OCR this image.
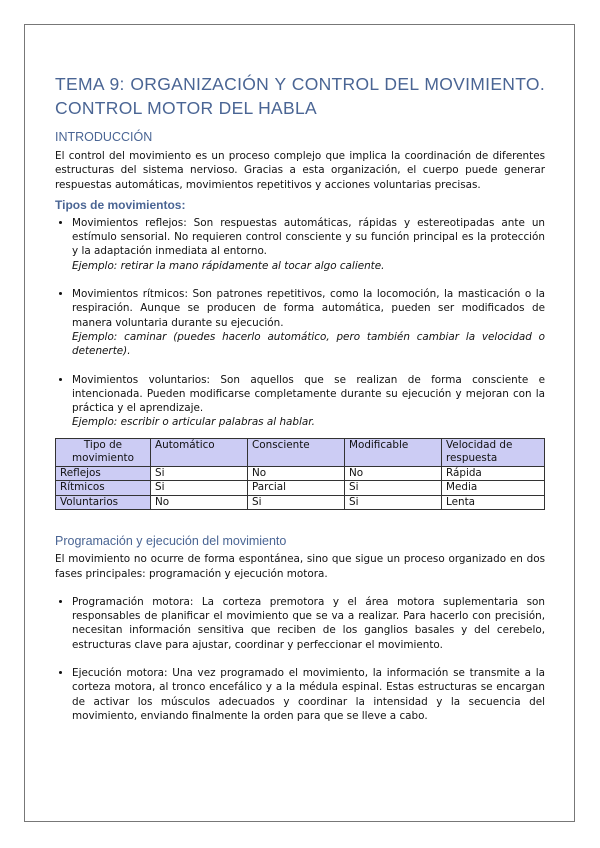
TEMA 9: ORGANIZACIÓN Y CONTROL DEL MOVIMIENTO. CONTROL MOTOR DEL HABLA
INTRODUCCIÓN

El control del movimiento es un proceso complejo que implica la coordinación de diferentes estructuras del sistema nervioso. Gracias a esta organización, el cuerpo puede generar respuestas automáticas, movimientos repetitivos y acciones voluntarias precisas.

Tipos de movimientos:
• Movimientos reflejos: Son respuestas automáticas, rápidas y estereotipadas ante un estímulo sensorial. No requieren control consciente y su función principal es la protección y la adaptación inmediata al entorno.
Ejemplo: retirar la mano rápidamente al tocar algo caliente.
• Movimientos rítmicos: Son patrones repetitivos, como la locomoción, la masticación o la respiración. Aunque se producen de forma automática, pueden ser modificados de manera voluntaria durante su ejecución.
Ejemplo: caminar (puedes hacerlo automático, pero también cambiar la velocidad o detenerte).
• Movimientos voluntarios: Son aquellos que se realizan de forma consciente e intencionada. Pueden modificarse completamente durante su ejecución y mejoran con la práctica y el aprendizaje.
Ejemplo: escribir o articular palabras al hablar.
Tipo de movimiento	Automático	Consciente	Modificable	Velocidad de respuesta
Reflejos	Si	No	No	Rápida
Rítmicos	Si	Parcial	Si	Media
Voluntarios	No	Si	Si	Lenta
Programación y ejecución del movimiento

El movimiento no ocurre de forma espontánea, sino que sigue un proceso organizado en dos fases principales: programación y ejecución motora.

• Programación motora: La corteza premotora y el área motora suplementaria son responsables de planificar el movimiento que se va a realizar. Para hacerlo con precisión, necesitan información sensitiva que reciben de los ganglios basales y del cerebelo, estructuras clave para ajustar, coordinar y perfeccionar el movimiento.
• Ejecución motora: Una vez programado el movimiento, la información se transmite a la corteza motora, al tronco encefálico y a la médula espinal. Estas estructuras se encargan de activar los músculos adecuados y coordinar la intensidad y la secuencia del movimiento, enviando finalmente la orden para que se lleve a cabo.
